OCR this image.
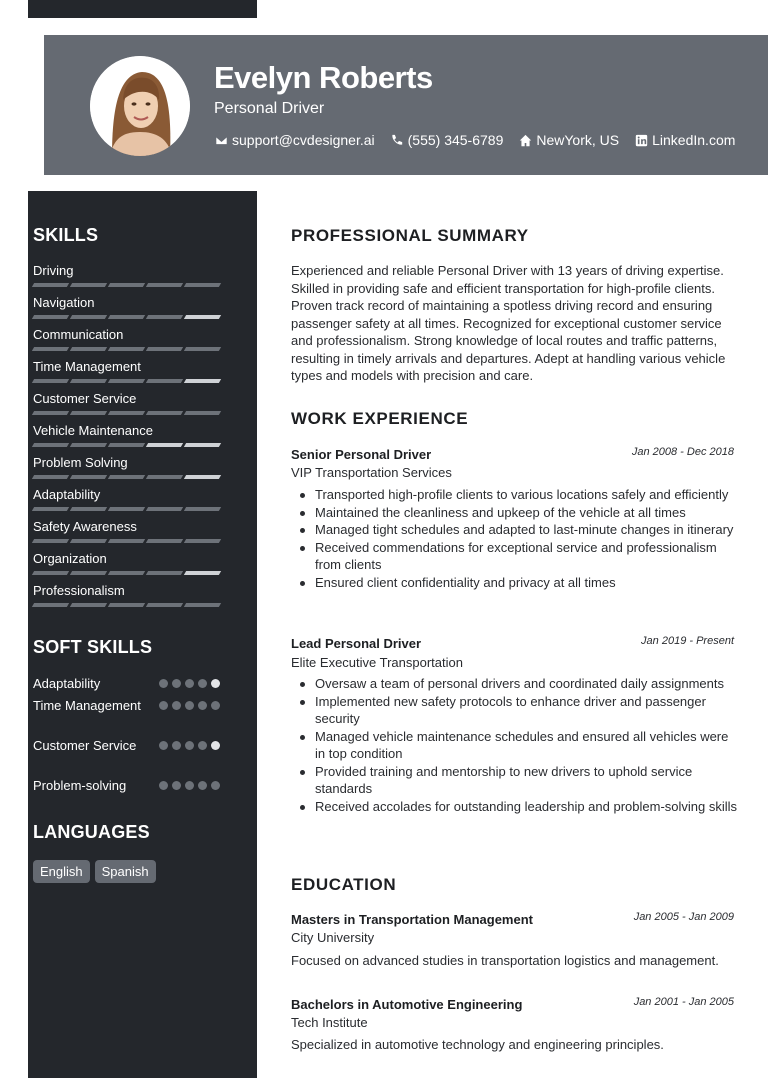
Evelyn Roberts
Personal Driver
support@cvdesigner.ai (555) 345-6789 NewYork, US LinkedIn.com
SKILLS
Driving
Navigation
Communication
Time Management
Customer Service
Vehicle Maintenance
Problem Solving
Adaptability
Safety Awareness
Organization
Professionalism
SOFT SKILLS
Adaptability
Time Management
Customer Service
Problem-solving
LANGUAGES
English	Spanish
PROFESSIONAL SUMMARY
Experienced and reliable Personal Driver with 13 years of driving expertise. Skilled in providing safe and efficient transportation for high-profile clients. Proven track record of maintaining a spotless driving record and ensuring passenger safety at all times. Recognized for exceptional customer service and professionalism. Strong knowledge of local routes and traffic patterns, resulting in timely arrivals and departures. Adept at handling various vehicle types and models with precision and care.
WORK EXPERIENCE
Senior Personal Driver	Jan 2008 - Dec 2018
VIP Transportation Services
Transported high-profile clients to various locations safely and efficiently
Maintained the cleanliness and upkeep of the vehicle at all times
Managed tight schedules and adapted to last-minute changes in itinerary
Received commendations for exceptional service and professionalism from clients
Ensured client confidentiality and privacy at all times
Lead Personal Driver	Jan 2019 - Present
Elite Executive Transportation
Oversaw a team of personal drivers and coordinated daily assignments
Implemented new safety protocols to enhance driver and passenger security
Managed vehicle maintenance schedules and ensured all vehicles were in top condition
Provided training and mentorship to new drivers to uphold service standards
Received accolades for outstanding leadership and problem-solving skills
EDUCATION
Masters in Transportation Management	Jan 2005 - Jan 2009
City University
Focused on advanced studies in transportation logistics and management.
Bachelors in Automotive Engineering	Jan 2001 - Jan 2005
Tech Institute
Specialized in automotive technology and engineering principles.
